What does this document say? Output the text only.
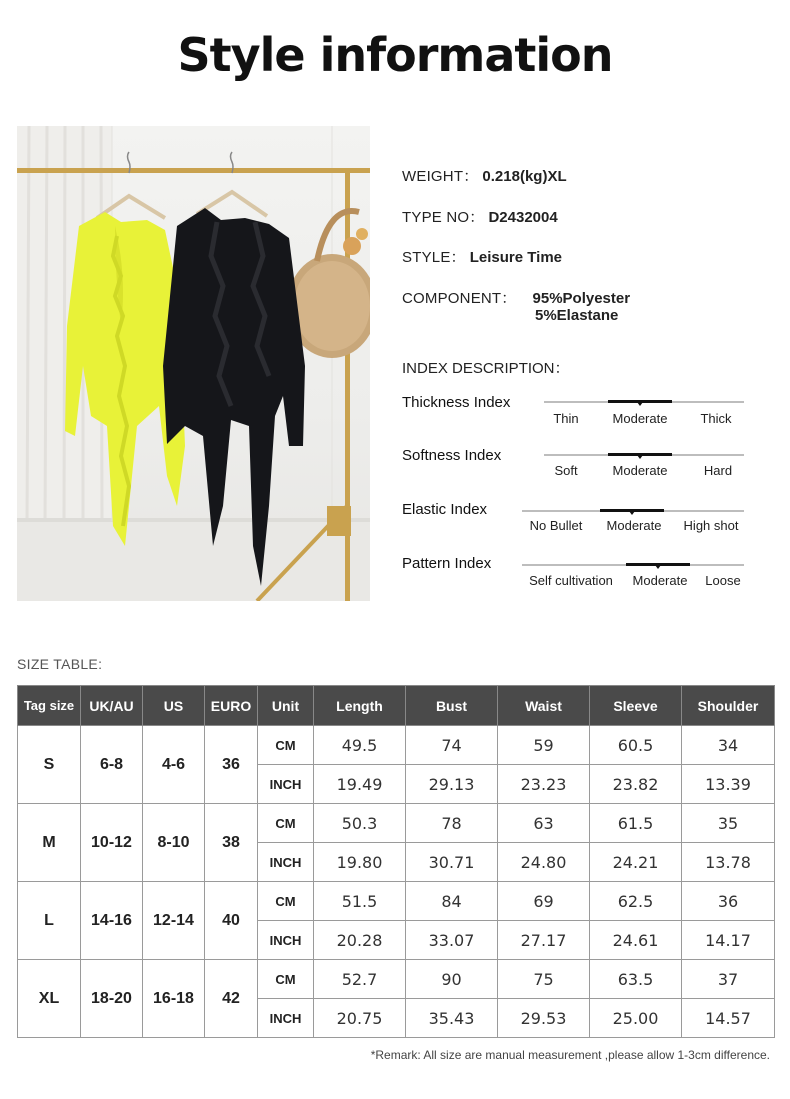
Style information
WEIGHT： 0.218(kg)XL
TYPE NO： D2432004
STYLE： Leisure Time
COMPONENT： 95%Polyester
5%Elastane
INDEX DESCRIPTION：
Thickness Index
Thin	Moderate	Thick
Softness Index
Soft	Moderate	Hard
Elastic Index
No Bullet Moderate High shot
Pattern Index
Self cultivation Moderate Loose
SIZE TABLE:
Tag size	UK/AU	US	EURO	Unit	Length	Bust	Waist	Sleeve	Shoulder
S	6-8	4-6	36	CM	49.5	74	59	60.5	34
				INCH	19.49	29.13	23.23	23.82	13.39
M	10-12	8-10	38	CM	50.3	78	63	61.5	35
				INCH	19.80	30.71	24.80	24.21	13.78
L	14-16	12-14	40	CM	51.5	84	69	62.5	36
				INCH	20.28	33.07	27.17	24.61	14.17
XL	18-20	16-18	42	CM	52.7	90	75	63.5	37
				INCH	20.75	35.43	29.53	25.00	14.57
*Remark: All size are manual measurement ,please allow 1-3cm difference.
